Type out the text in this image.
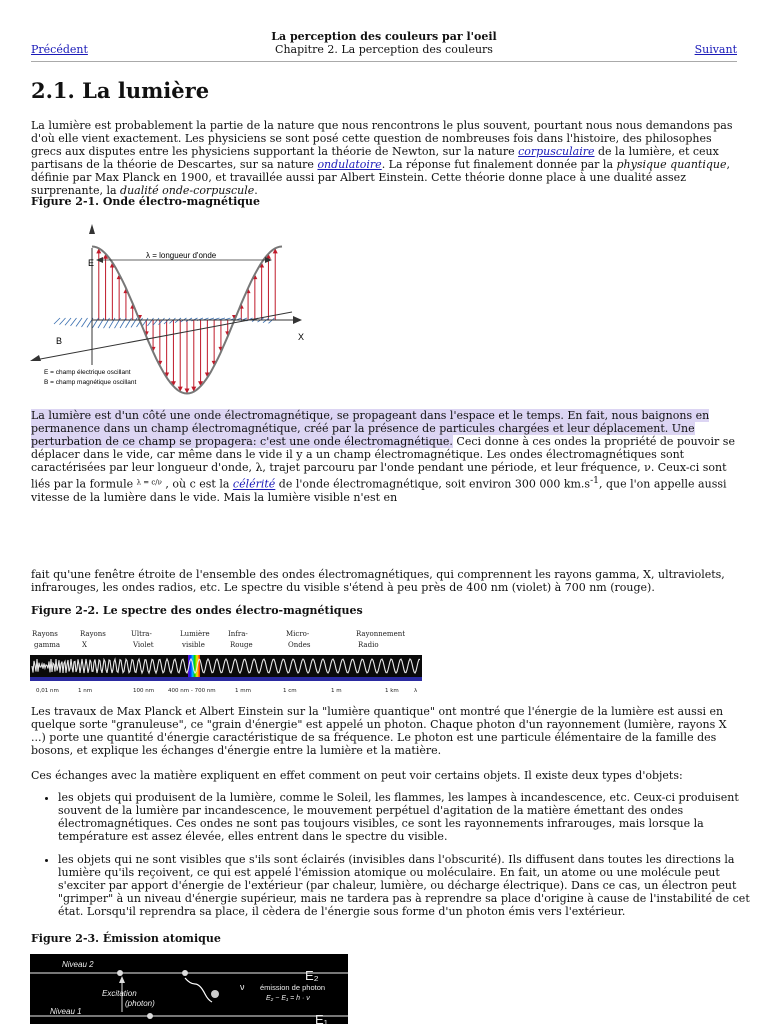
La perception des couleurs par l'oeil
Chapitre 2. La perception des couleurs
Précédent	Suivant
2.1. La lumière

La lumière est probablement la partie de la nature que nous rencontrons le plus souvent, pourtant nous nous demandons pas d'où elle vient exactement. Les physiciens se sont posé cette question de nombreuses fois dans l'histoire, des philosophes grecs aux disputes entre les physiciens supportant la théorie de Newton, sur la nature corpusculaire de la lumière, et ceux partisans de la théorie de Descartes, sur sa nature ondulatoire. La réponse fut finalement donnée par la physique quantique, définie par Max Planck en 1900, et travaillée aussi par Albert Einstein. Cette théorie donne place à une dualité assez surprenante, la dualité onde-corpuscule.

Figure 2-1. Onde électro-magnétique

E
B	X
λ = longueur d'onde
E = champ électrique oscillant
B = champ magnétique oscillant

La lumière est d'un côté une onde électromagnétique, se propageant dans l'espace et le temps. En fait, nous baignons en permanence dans un champ électromagnétique, créé par la présence de particules chargées et leur déplacement. Une perturbation de ce champ se propagera: c'est une onde électromagnétique. Ceci donne à ces ondes la propriété de pouvoir se déplacer dans le vide, car même dans le vide il y a un champ électromagnétique. Les ondes électromagnétiques sont caractérisées par leur longueur d'onde, λ, trajet parcouru par l'onde pendant une période, et leur fréquence, ν. Ceux-ci sont liés par la formule $^{\lambda = c/\nu}$ , où c est la célérité de l'onde électromagnétique, soit environ 300 000 $km.s^{-1}$, que l'on appelle aussi vitesse de la lumière dans le vide. Mais la lumière visible n'est en

fait qu'une fenêtre étroite de l'ensemble des ondes électromagnétiques, qui comprennent les rayons gamma, X, ultraviolets, infrarouges, les ondes radios, etc. Le spectre du visible s'étend à peu près de 400 nm (violet) à 700 nm (rouge).

Figure 2-2. Le spectre des ondes électro-magnétiques

Rayons
gamma
Rayons
X
Ultra-
Violet
Lumière
visible
Infra-
Rouge
Micro-
Ondes
Rayonnement
Radio
0,01 nm	1 nm	100 nm	400 nm - 700 nm	1 mm	1 cm	1 m	1 km	λ

Les travaux de Max Planck et Albert Einstein sur la "lumière quantique" ont montré que l'énergie de la lumière est aussi en quelque sorte "granuleuse", ce "grain d'énergie" est appelé un photon. Chaque photon d'un rayonnement (lumière, rayons X ...) porte une quantité d'énergie caractéristique de sa fréquence. Le photon est une particule élémentaire de la famille des bosons, et explique les échanges d'énergie entre la lumière et la matière.

Ces échanges avec la matière expliquent en effet comment on peut voir certains objets. Il existe deux types d'objets:

• les objets qui produisent de la lumière, comme le Soleil, les flammes, les lampes à incandescence, etc. Ceux-ci produisent souvent de la lumière par incandescence, le mouvement perpétuel d'agitation de la matière émettant des ondes électromagnétiques. Ces ondes ne sont pas toujours visibles, ce sont les rayonnements infrarouges, mais lorsque la température est assez élevée, elles entrent dans le spectre du visible.
• les objets qui ne sont visibles que s'ils sont éclairés (invisibles dans l'obscurité). Ils diffusent dans toutes les directions la lumière qu'ils reçoivent, ce qui est appelé l'émission atomique ou moléculaire. En fait, un atome ou une molécule peut s'exciter par apport d'énergie de l'extérieur (par chaleur, lumière, ou décharge électrique). Dans ce cas, un électron peut "grimper" à un niveau d'énergie supérieur, mais ne tardera pas à reprendre sa place d'origine à cause de l'instabilité de cet état. Lorsqu'il reprendra sa place, il cèdera de l'énergie sous forme d'un photon émis vers l'extérieur.

Figure 2-3. Émission atomique

Niveau 2
Niveau 1
E₂
E₁
Excitation
(photon)
ν émission de photon
E₂ − E₁ = h · ν
